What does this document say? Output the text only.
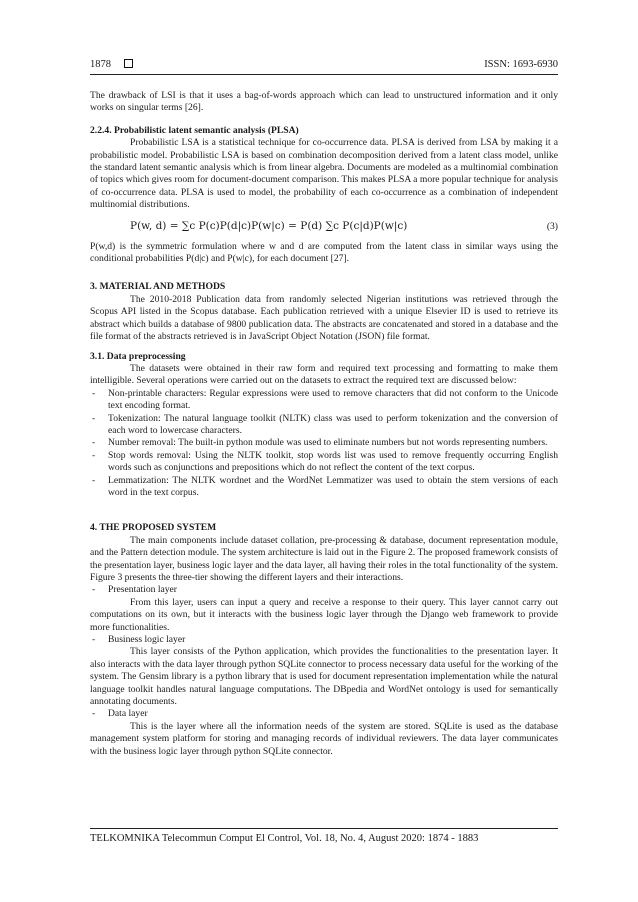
1878	ISSN: 1693-6930

The drawback of LSI is that it uses a bag-of-words approach which can lead to unstructured information and it only works on singular terms [26].

2.2.4. Probabilistic latent semantic analysis (PLSA)

Probabilistic LSA is a statistical technique for co-occurrence data. PLSA is derived from LSA by making it a probabilistic model. Probabilistic LSA is based on combination decomposition derived from a latent class model, unlike the standard latent semantic analysis which is from linear algebra. Documents are modeled as a multinomial combination of topics which gives room for document-document comparison. This makes PLSA a more popular technique for analysis of co-occurrence data. PLSA is used to model, the probability of each co-occurrence as a combination of independent multinomial distributions.

P(w, d) = ∑c P(c)P(d|c)P(w|c) = P(d) ∑c P(c|d)P(w|c)	(3)

P(w,d) is the symmetric formulation where w and d are computed from the latent class in similar ways using the conditional probabilities P(d|c) and P(w|c), for each document [27].

3. MATERIAL AND METHODS

The 2010-2018 Publication data from randomly selected Nigerian institutions was retrieved through the Scopus API listed in the Scopus database. Each publication retrieved with a unique Elsevier ID is used to retrieve its abstract which builds a database of 9800 publication data. The abstracts are concatenated and stored in a database and the file format of the abstracts retrieved is in JavaScript Object Notation (JSON) file format.

3.1. Data preprocessing

The datasets were obtained in their raw form and required text processing and formatting to make them intelligible. Several operations were carried out on the datasets to extract the required text are discussed below:

- Non-printable characters: Regular expressions were used to remove characters that did not conform to the Unicode text encoding format.
- Tokenization: The natural language toolkit (NLTK) class was used to perform tokenization and the conversion of each word to lowercase characters.
- Number removal: The built-in python module was used to eliminate numbers but not words representing numbers.
- Stop words removal: Using the NLTK toolkit, stop words list was used to remove frequently occurring English words such as conjunctions and prepositions which do not reflect the content of the text corpus.
- Lemmatization: The NLTK wordnet and the WordNet Lemmatizer was used to obtain the stem versions of each word in the text corpus.

4. THE PROPOSED SYSTEM

The main components include dataset collation, pre-processing & database, document representation module, and the Pattern detection module. The system architecture is laid out in the Figure 2. The proposed framework consists of the presentation layer, business logic layer and the data layer, all having their roles in the total functionality of the system. Figure 3 presents the three-tier showing the different layers and their interactions.

- Presentation layer

From this layer, users can input a query and receive a response to their query. This layer cannot carry out computations on its own, but it interacts with the business logic layer through the Django web framework to provide more functionalities.

- Business logic layer

This layer consists of the Python application, which provides the functionalities to the presentation layer. It also interacts with the data layer through python SQLite connector to process necessary data useful for the working of the system. The Gensim library is a python library that is used for document representation implementation while the natural language toolkit handles natural language computations. The DBpedia and WordNet ontology is used for semantically annotating documents.

- Data layer

This is the layer where all the information needs of the system are stored. SQLite is used as the database management system platform for storing and managing records of individual reviewers. The data layer communicates with the business logic layer through python SQLite connector.

TELKOMNIKA Telecommun Comput El Control, Vol. 18, No. 4, August 2020: 1874 - 1883
